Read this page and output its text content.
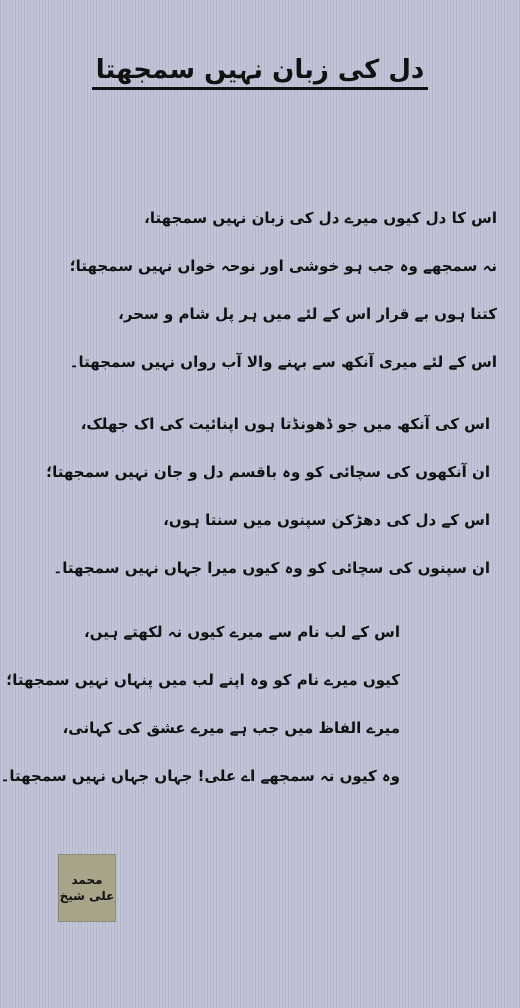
دل کی زبان نہیں سمجھتا
اس کا دل کیوں میرے دل کی زبان نہیں سمجھتا،
نہ سمجھے وہ جب ہو خوشی اور نوحہ خواں نہیں سمجھتا؛
کتنا ہوں بے قرار اس کے لئے میں ہر پل شام و سحر،
اس کے لئے میری آنکھ سے بہنے والا آب رواں نہیں سمجھتا۔
اس کی آنکھ میں جو ڈھونڈتا ہوں اپنائیت کی اک جھلک،
ان آنکھوں کی سچائی کو وہ باقسم دل و جان نہیں سمجھتا؛
اس کے دل کی دھڑکن سپنوں میں سنتا ہوں،
ان سپنوں کی سچائی کو وہ کیوں میرا جہاں نہیں سمجھتا۔
اس کے لب نام سے میرے کیوں نہ لکھتے ہیں،
کیوں میرے نام کو وہ اپنے لب میں پنہاں نہیں سمجھتا؛
میرے الفاظ میں جب ہے میرے عشق کی کہانی،
وہ کیوں نہ سمجھے اے علی! جہاں جہاں نہیں سمجھتا۔
محمد علی شیخ
